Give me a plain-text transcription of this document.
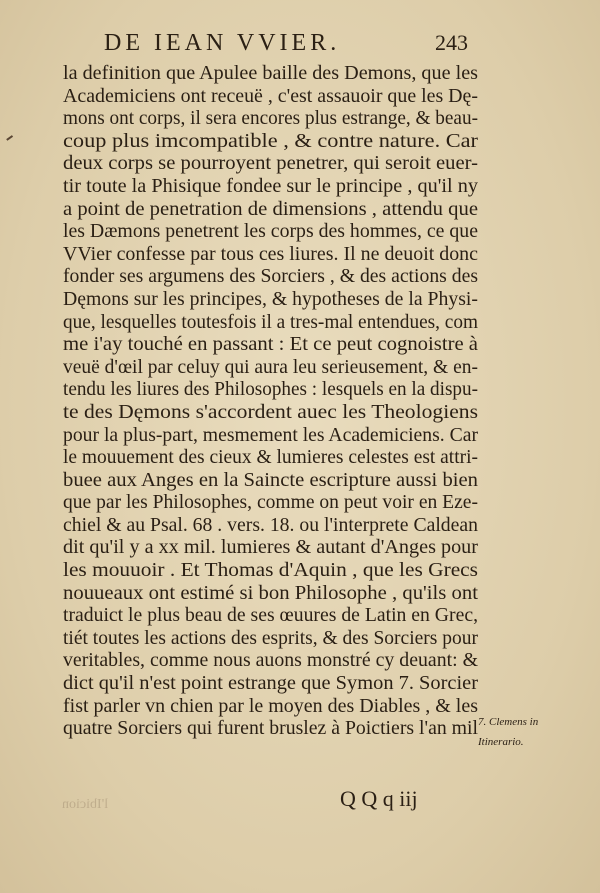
DE IEAN VVIER.	243
la definition que Apulee baille des Demons, que les
Academiciens ont receuë , c'est assauoir que les Dę-
mons ont corps, il sera encores plus estrange, & beau-
coup plus imcompatible , & contre nature. Car
deux corps se pourroyent penetrer, qui seroit euer-
tir toute la Phisique fondee sur le principe , qu'il ny
a point de penetration de dimensions , attendu que
les Dæmons penetrent les corps des hommes, ce que
VVier confesse par tous ces liures. Il ne deuoit donc
fonder ses argumens des Sorciers , & des actions des
Dęmons sur les principes, & hypotheses de la Physi-
que, lesquelles toutesfois il a tres-mal entendues, com
me i'ay touché en passant : Et ce peut cognoistre à
veuë d'œil par celuy qui aura leu serieusement, & en-
tendu les liures des Philosophes : lesquels en la dispu-
te des Dęmons s'accordent auec les Theologiens
pour la plus-part, mesmement les Academiciens. Car
le mouuement des cieux & lumieres celestes est attri-
buee aux Anges en la Saincte escripture aussi bien
que par les Philosophes, comme on peut voir en Eze-
chiel & au Psal. 68 . vers. 18. ou l'interprete Caldean
dit qu'il y a xx mil. lumieres & autant d'Anges pour
les mouuoir . Et Thomas d'Aquin , que les Grecs
nouueaux ont estimé si bon Philosophe , qu'ils ont
traduict le plus beau de ses œuures de Latin en Grec,
tiét toutes les actions des esprits, & des Sorciers pour
veritables, comme nous auons monstré cy deuant: &
dict qu'il n'est point estrange que Symon 7. Sorcier
fist parler vn chien par le moyen des Diables , & les
quatre Sorciers qui furent bruslez à Poictiers l'an mil 7. Clemens in
Itinerario.
Q Q q iij
l'Ibicion
